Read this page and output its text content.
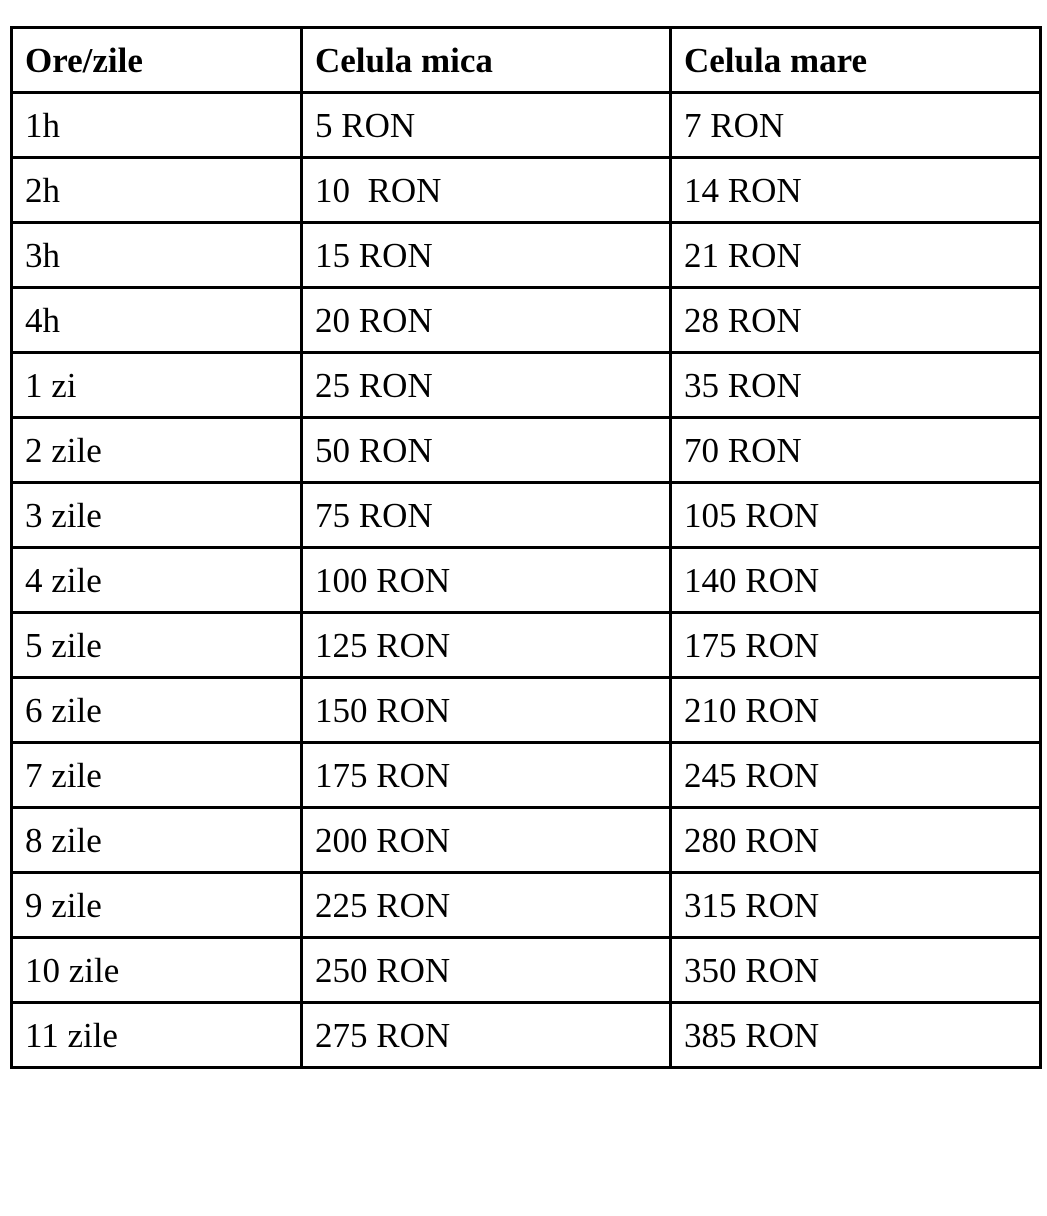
Ore/zile	Celula mica	Celula mare
1h	5 RON	7 RON
2h	10  RON	14 RON
3h	15 RON	21 RON
4h	20 RON	28 RON
1 zi	25 RON	35 RON
2 zile	50 RON	70 RON
3 zile	75 RON	105 RON
4 zile	100 RON	140 RON
5 zile	125 RON	175 RON
6 zile	150 RON	210 RON
7 zile	175 RON	245 RON
8 zile	200 RON	280 RON
9 zile	225 RON	315 RON
10 zile	250 RON	350 RON
11 zile	275 RON	385 RON
